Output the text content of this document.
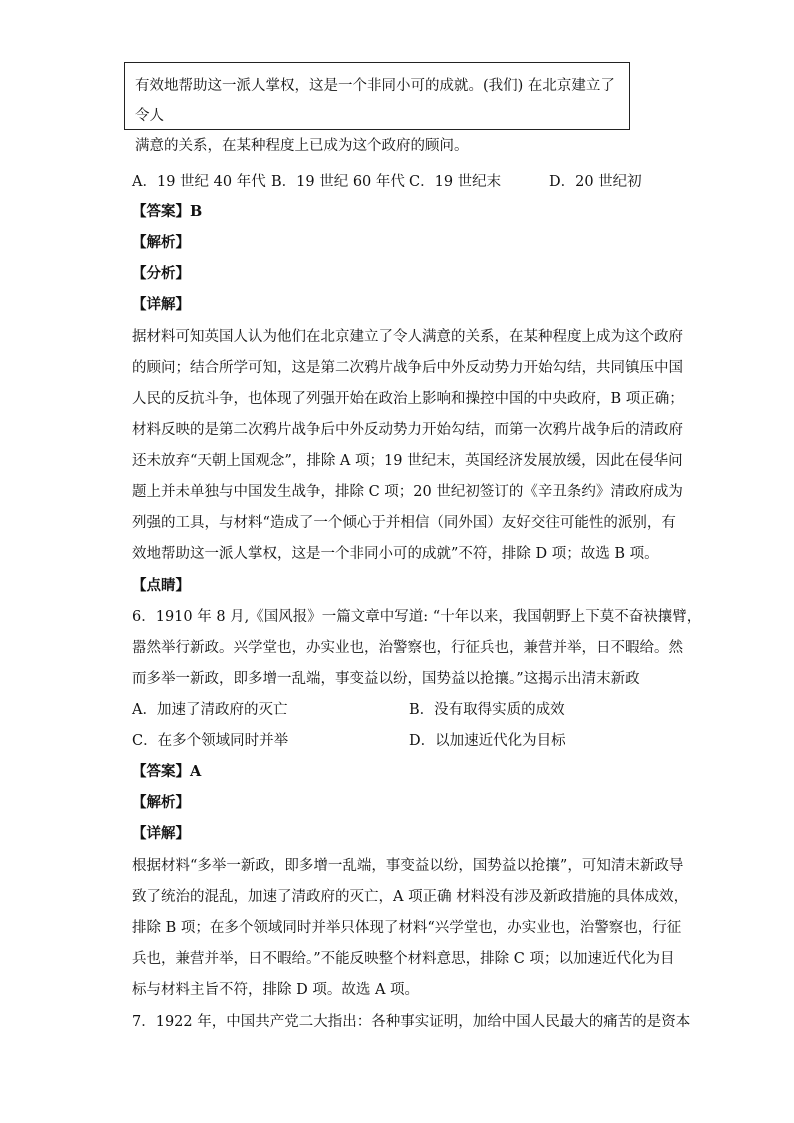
有效地帮助这一派人掌权，这是一个非同小可的成就。(我们) 在北京建立了令人
满意的关系，在某种程度上已成为这个政府的顾问。
A．19 世纪 40 年代 B．19 世纪 60 年代 C．19 世纪末	D．20 世纪初
【答案】B
【解析】
【分析】
【详解】
据材料可知英国人认为他们在北京建立了令人满意的关系，在某种程度上成为这个政府
的顾问；结合所学可知，这是第二次鸦片战争后中外反动势力开始勾结，共同镇压中国
人民的反抗斗争，也体现了列强开始在政治上影响和操控中国的中央政府，B 项正确；
材料反映的是第二次鸦片战争后中外反动势力开始勾结，而第一次鸦片战争后的清政府
还未放弃“天朝上国观念”，排除 A 项；19 世纪末，英国经济发展放缓，因此在侵华问
题上并未单独与中国发生战争，排除 C 项；20 世纪初签订的《辛丑条约》清政府成为
列强的工具，与材料“造成了一个倾心于并相信（同外国）友好交往可能性的派别，有
效地帮助这一派人掌权，这是一个非同小可的成就”不符，排除 D 项；故选 B 项。
【点睛】
6．1910 年 8 月,《国风报》一篇文章中写道: “十年以来，我国朝野上下莫不奋袂攘臂，
嚣然举行新政。兴学堂也，办实业也，治警察也，行征兵也，兼营并举，日不暇给。然
而多举一新政，即多增一乱端，事变益以纷，国势益以抢攘。”这揭示出清末新政
A．加速了清政府的灭亡	B．没有取得实质的成效
C．在多个领域同时并举	D．以加速近代化为目标
【答案】A
【解析】
【详解】
根据材料“多举一新政，即多增一乱端，事变益以纷，国势益以抢攘”，可知清末新政导
致了统治的混乱，加速了清政府的灭亡，A 项正确 材料没有涉及新政措施的具体成效，
排除 B 项；在多个领域同时并举只体现了材料“兴学堂也，办实业也，治警察也，行征
兵也，兼营并举，日不暇给。”不能反映整个材料意思，排除 C 项；以加速近代化为目
标与材料主旨不符，排除 D 项。故选 A 项。
7．1922 年，中国共产党二大指出：各种事实证明，加给中国人民最大的痛苦的是资本
